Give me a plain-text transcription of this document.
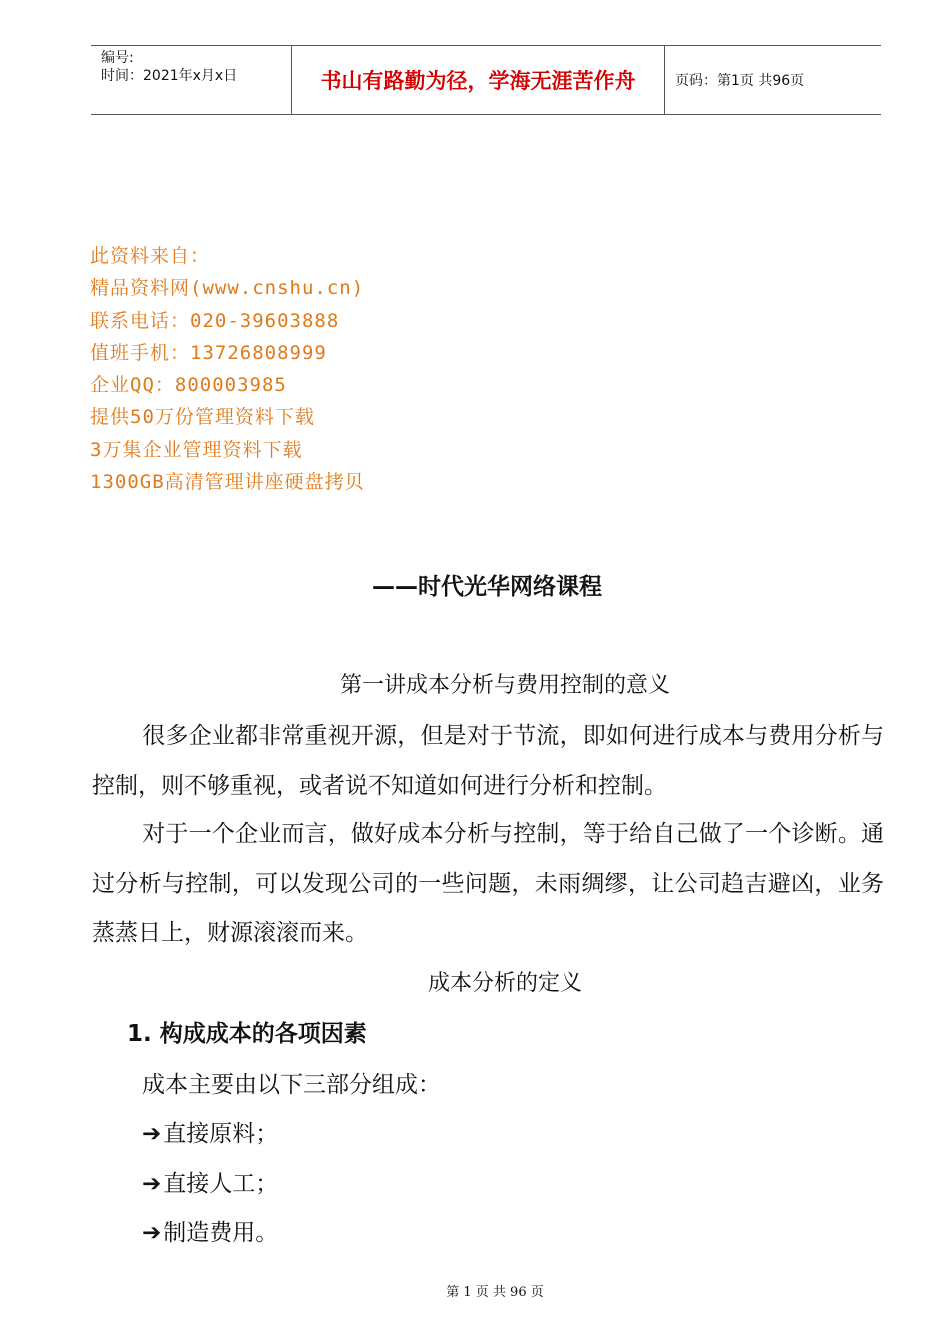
编号:
时间：2021年x月x日	书山有路勤为径，学海无涯苦作舟	页码：第1页 共96页
此资料来自：
精品资料网(www.cnshu.cn)
联系电话：020-39603888
值班手机：13726808999
企业QQ：800003985
提供50万份管理资料下载
3万集企业管理资料下载
1300GB高清管理讲座硬盘拷贝
——时代光华网络课程
第一讲成本分析与费用控制的意义
很多企业都非常重视开源，但是对于节流，即如何进行成本与费用分析与控制，则不够重视，或者说不知道如何进行分析和控制。
对于一个企业而言，做好成本分析与控制，等于给自己做了一个诊断。通过分析与控制，可以发现公司的一些问题，未雨绸缪，让公司趋吉避凶，业务蒸蒸日上，财源滚滚而来。
成本分析的定义
1. 构成成本的各项因素
成本主要由以下三部分组成：
➔直接原料；
➔直接人工；
➔制造费用。
第 1 页 共 96 页
